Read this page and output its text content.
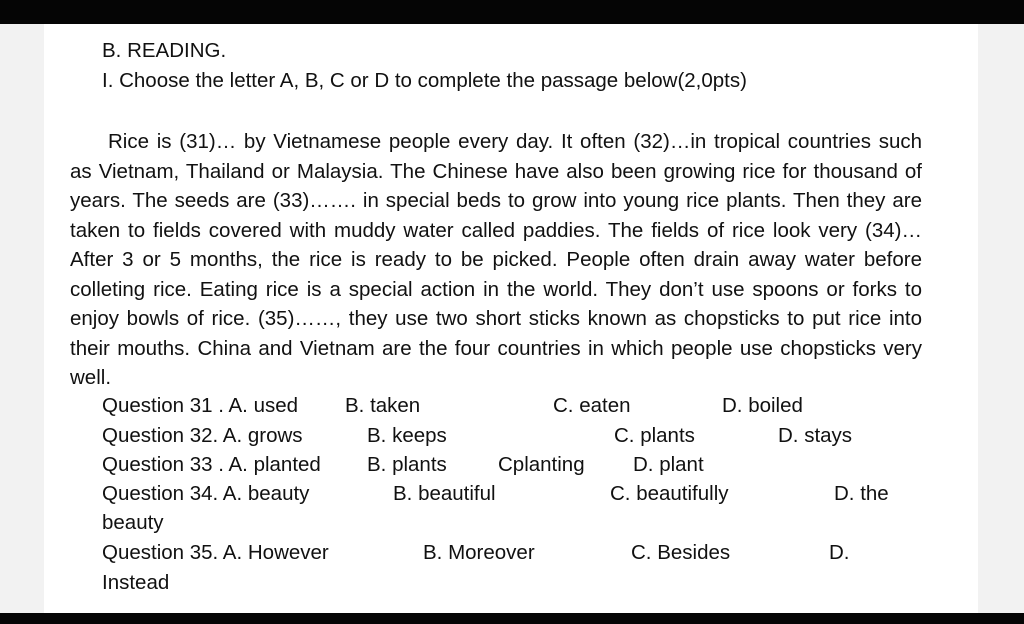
B. READING.
I. Choose the letter A, B, C or D to complete the passage below(2,0pts)

Rice is (31)… by Vietnamese people every day. It often (32)…in tropical countries such as Vietnam, Thailand or Malaysia. The Chinese have also been growing rice for thousand of years. The seeds are (33)……. in special beds to grow into young rice plants. Then they are taken to fields covered with muddy water called paddies. The fields of rice look very (34)…After 3 or 5 months, the rice is ready to be picked. People often drain away water before colleting rice. Eating rice is a special action in the world. They don’t use spoons or forks to enjoy bowls of rice. (35)……, they use two short sticks known as chopsticks to put rice into their mouths. China and Vietnam are the four countries in which people use chopsticks very well.

Question 31 . A. used B. taken	C. eaten	D. boiled
Question 32. A. grows	B. keeps	C. plants	D. stays
Question 33 . A. planted B. plants Cplanting D. plant
Question 34. A. beauty	B. beautiful	C. beautifully	D. the
beauty
Question 35. A. However	B. Moreover	C. Besides	D.
Instead
